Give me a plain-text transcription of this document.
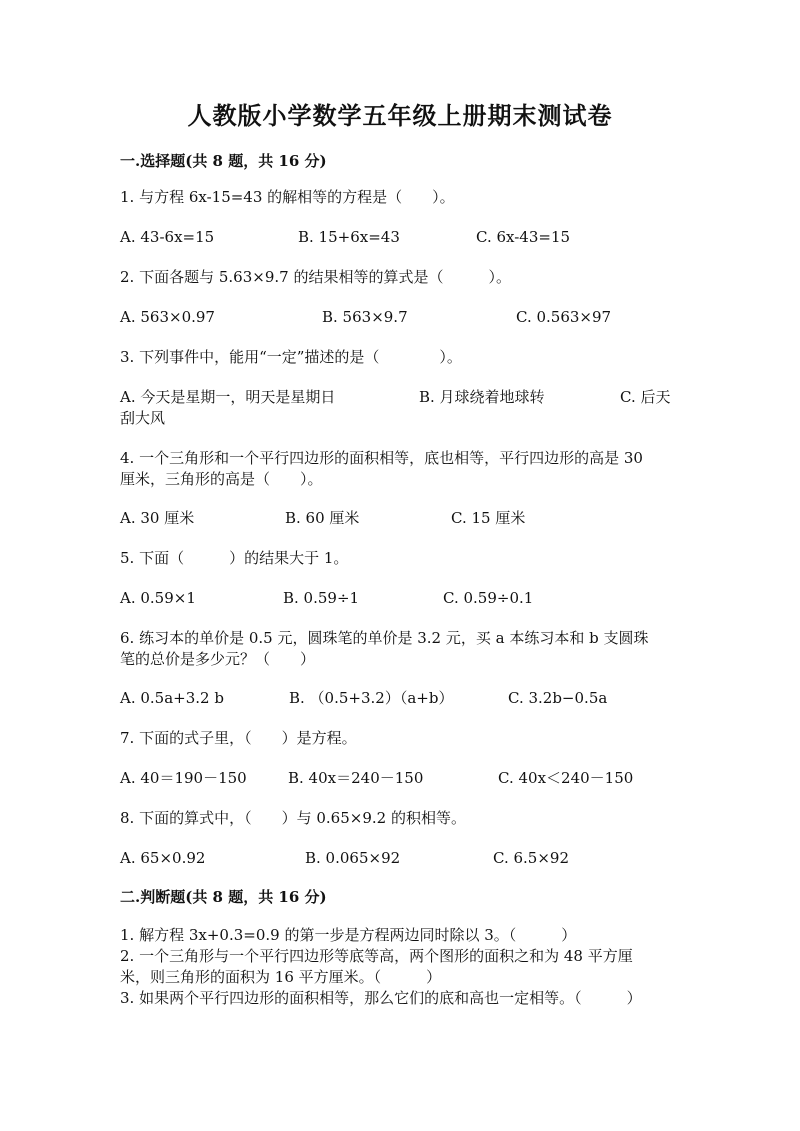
人教版小学数学五年级上册期末测试卷
一.选择题(共 8 题，共 16 分)
1. 与方程 6x-15=43 的解相等的方程是（　　）。
A. 43-6x=15	B. 15+6x=43	C. 6x-43=15
2. 下面各题与 5.63×9.7 的结果相等的算式是（　　　）。
A. 563×0.97	B. 563×9.7	C. 0.563×97
3. 下列事件中，能用“一定”描述的是（　　　　）。
A. 今天是星期一，明天是星期日	B. 月球绕着地球转	C. 后天
刮大风
4. 一个三角形和一个平行四边形的面积相等，底也相等，平行四边形的高是 30
厘米，三角形的高是（　　）。
A. 30 厘米	B. 60 厘米	C. 15 厘米
5. 下面（　　　）的结果大于 1。
A. 0.59×1	B. 0.59÷1	C. 0.59÷0.1
6. 练习本的单价是 0.5 元，圆珠笔的单价是 3.2 元，买 a 本练习本和 b 支圆珠
笔的总价是多少元？（　　）
A. 0.5a+3.2 b	B. （0.5+3.2）（a+b）	C. 3.2b−0.5a
7. 下面的式子里，（　　）是方程。
A. 40＝190－150	B. 40x＝240－150	C. 40x＜240－150
8. 下面的算式中，（　　）与 0.65×9.2 的积相等。
A. 65×0.92	B. 0.065×92	C. 6.5×92
二.判断题(共 8 题，共 16 分)
1. 解方程 3x+0.3=0.9 的第一步是方程两边同时除以 3。（　　　）
2. 一个三角形与一个平行四边形等底等高，两个图形的面积之和为 48 平方厘
米，则三角形的面积为 16 平方厘米。（　　　）
3. 如果两个平行四边形的面积相等，那么它们的底和高也一定相等。（　　　）
